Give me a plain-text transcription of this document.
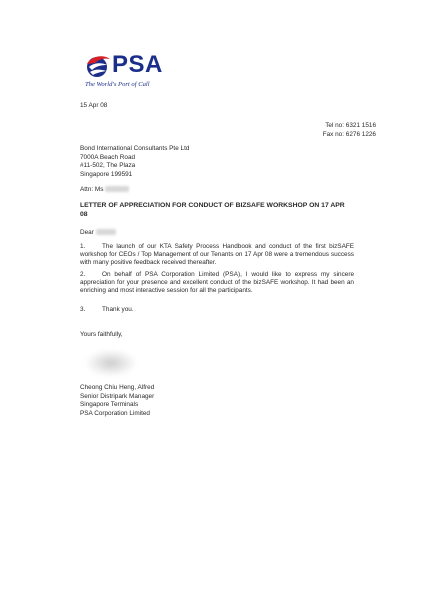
PSA
The World's Port of Call
15 Apr 08
Tel no: 6321 1516
Fax no: 6276 1226
Bond International Consultants Pte Ltd
7000A Beach Road
#11-502, The Plaza
Singapore 199591
Attn: Ms
LETTER OF APPRECIATION FOR CONDUCT OF BIZSAFE WORKSHOP ON 17 APR 08
Dear
1.	The launch of our KTA Safety Process Handbook and conduct of the first bizSAFE workshop for CEOs / Top Management of our Tenants on 17 Apr 08 were a tremendous success with many positive feedback received thereafter.
2.	On behalf of PSA Corporation Limited (PSA), I would like to express my sincere appreciation for your presence and excellent conduct of the bizSAFE workshop. It had been an enriching and most interactive session for all the participants.
3.	Thank you.
Yours faithfully,
Cheong Chiu Heng, Alfred
Senior Distripark Manager
Singapore Terminals
PSA Corporation Limited
